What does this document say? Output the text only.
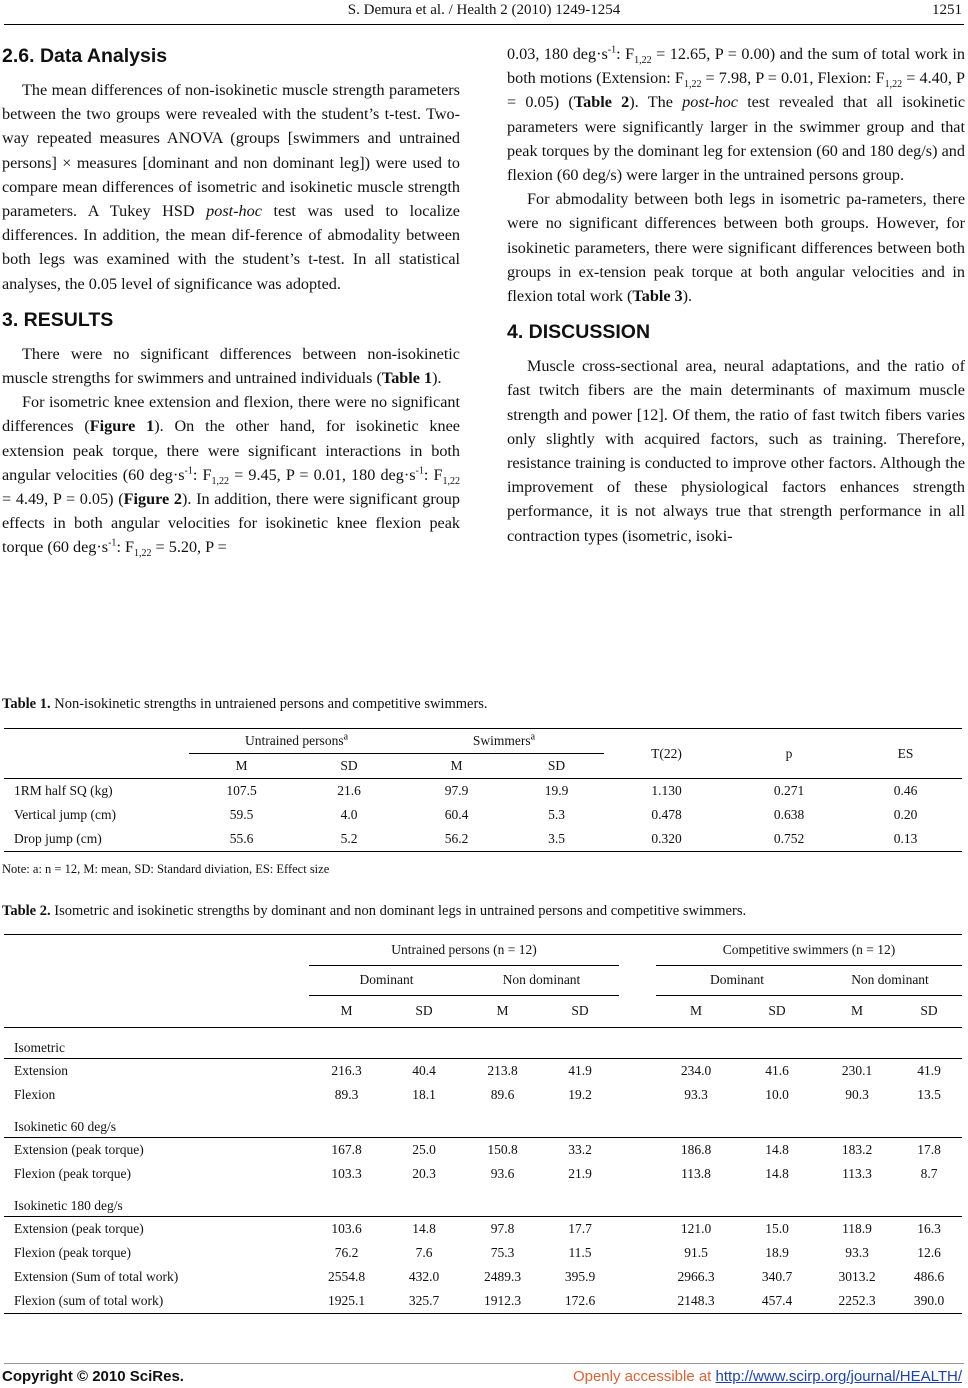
S. Demura et al. / Health 2 (2010) 1249-1254	1251
2.6. Data Analysis

The mean differences of non-isokinetic muscle strength parameters between the two groups were revealed with the student’s t-test. Two-way repeated measures ANOVA (groups [swimmers and untrained persons] × measures [dominant and non dominant leg]) were used to compare mean differences of isometric and isokinetic muscle strength parameters. A Tukey HSD post-hoc test was used to localize differences. In addition, the mean dif-ference of abmodality between both legs was examined with the student’s t-test. In all statistical analyses, the 0.05 level of significance was adopted.

3. RESULTS

There were no significant differences between non-isokinetic muscle strengths for swimmers and untrained individuals (Table 1).

For isometric knee extension and flexion, there were no significant differences (Figure 1). On the other hand, for isokinetic knee extension peak torque, there were significant interactions in both angular velocities (60 $deg\cdot s^{-1}$: $F_{1,22} = 9.45$, P = 0.01, 180 $deg\cdot s^{-1}$: $F_{1,22} = 4.49$, P = 0.05) (Figure 2). In addition, there were significant group effects in both angular velocities for isokinetic knee flexion peak torque (60 $deg\cdot s^{-1}$: $F_{1,22} = 5.20$, P =

0.03, 180 $deg\cdot s^{-1}$: $F_{1,22} = 12.65$, P = 0.00) and the sum of total work in both motions (Extension: $F_{1,22} = 7.98$, P = 0.01, Flexion: $F_{1,22} = 4.40$, P = 0.05) (Table 2). The post-hoc test revealed that all isokinetic parameters were significantly larger in the swimmer group and that peak torques by the dominant leg for extension (60 and 180 deg/s) and flexion (60 deg/s) were larger in the untrained persons group.

For abmodality between both legs in isometric pa-rameters, there were no significant differences between both groups. However, for isokinetic parameters, there were significant differences between both groups in ex-tension peak torque at both angular velocities and in flexion total work (Table 3).

4. DISCUSSION

Muscle cross-sectional area, neural adaptations, and the ratio of fast twitch fibers are the main determinants of maximum muscle strength and power [12]. Of them, the ratio of fast twitch fibers varies only slightly with acquired factors, such as training. Therefore, resistance training is conducted to improve other factors. Although the improvement of these physiological factors enhances strength performance, it is not always true that strength performance in all contraction types (isometric, isoki-

Table 1. Non-isokinetic strengths in untraiened persons and competitive swimmers.
	Untrained persons$^a$		Swimmers$^a$		T(22)	p	ES
	M	SD	M	SD			
1RM half SQ (kg)	107.5	21.6	97.9	19.9	1.130	0.271	0.46
Vertical jump (cm)	59.5	4.0	60.4	5.3	0.478	0.638	0.20
Drop jump (cm)	55.6	5.2	56.2	3.5	0.320	0.752	0.13
Note: a: n = 12, M: mean, SD: Standard diviation, ES: Effect size
Table 2. Isometric and isokinetic strengths by dominant and non dominant legs in untrained persons and competitive swimmers.
	Untrained persons (n = 12)					Competitive swimmers (n = 12)			
	Dominant		Non dominant			Dominant		Non dominant	
	M	SD	M	SD		M	SD	M	SD
Isometric									
Extension	216.3	40.4	213.8	41.9		234.0	41.6	230.1	41.9
Flexion	89.3	18.1	89.6	19.2		93.3	10.0	90.3	13.5
Isokinetic 60 deg/s									
Extension (peak torque)	167.8	25.0	150.8	33.2		186.8	14.8	183.2	17.8
Flexion (peak torque)	103.3	20.3	93.6	21.9		113.8	14.8	113.3	8.7
Isokinetic 180 deg/s									
Extension (peak torque)	103.6	14.8	97.8	17.7		121.0	15.0	118.9	16.3
Flexion (peak torque)	76.2	7.6	75.3	11.5		91.5	18.9	93.3	12.6
Extension (Sum of total work)	2554.8	432.0	2489.3	395.9		2966.3	340.7	3013.2	486.6
Flexion (sum of total work)	1925.1	325.7	1912.3	172.6		2148.3	457.4	2252.3	390.0
Copyright © 2010 SciRes.	Openly accessible at http://www.scirp.org/journal/HEALTH/
